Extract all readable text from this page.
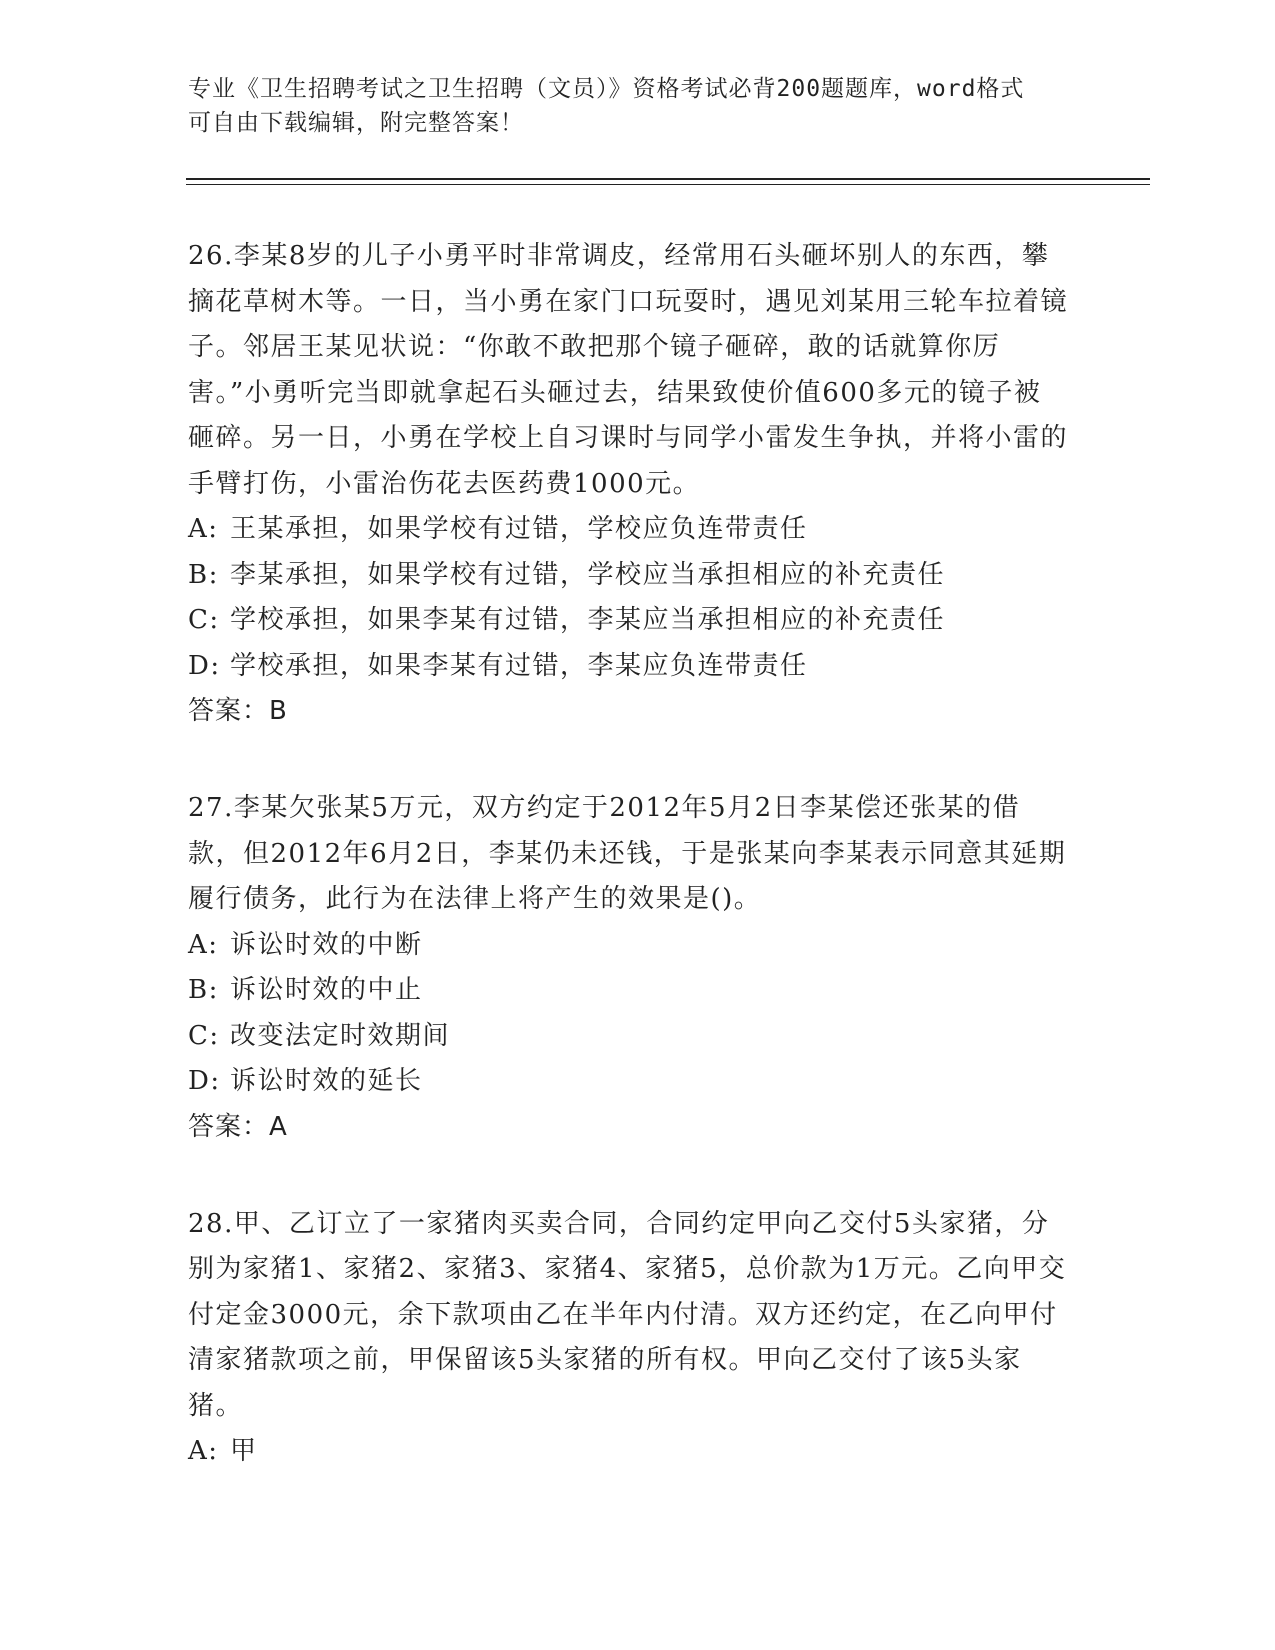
专业《卫生招聘考试之卫生招聘（文员）》资格考试必背200题题库，word格式
可自由下载编辑，附完整答案！

26.李某8岁的儿子小勇平时非常调皮，经常用石头砸坏别人的东西，攀摘花草树木等。一日，当小勇在家门口玩耍时，遇见刘某用三轮车拉着镜子。邻居王某见状说：“你敢不敢把那个镜子砸碎，敢的话就算你厉害。”小勇听完当即就拿起石头砸过去，结果致使价值600多元的镜子被砸碎。另一日，小勇在学校上自习课时与同学小雷发生争执，并将小雷的手臂打伤，小雷治伤花去医药费1000元。

A: 王某承担，如果学校有过错，学校应负连带责任

B: 李某承担，如果学校有过错，学校应当承担相应的补充责任

C: 学校承担，如果李某有过错，李某应当承担相应的补充责任

D: 学校承担，如果李某有过错，李某应负连带责任

答案：B

27.李某欠张某5万元，双方约定于2012年5月2日李某偿还张某的借款，但2012年6月2日，李某仍未还钱，于是张某向李某表示同意其延期履行债务，此行为在法律上将产生的效果是()。

A: 诉讼时效的中断

B: 诉讼时效的中止

C: 改变法定时效期间

D: 诉讼时效的延长

答案：A

28.甲、乙订立了一家猪肉买卖合同，合同约定甲向乙交付5头家猪，分别为家猪1、家猪2、家猪3、家猪4、家猪5，总价款为1万元。乙向甲交付定金3000元，余下款项由乙在半年内付清。双方还约定，在乙向甲付清家猪款项之前，甲保留该5头家猪的所有权。甲向乙交付了该5头家猪。

A: 甲
